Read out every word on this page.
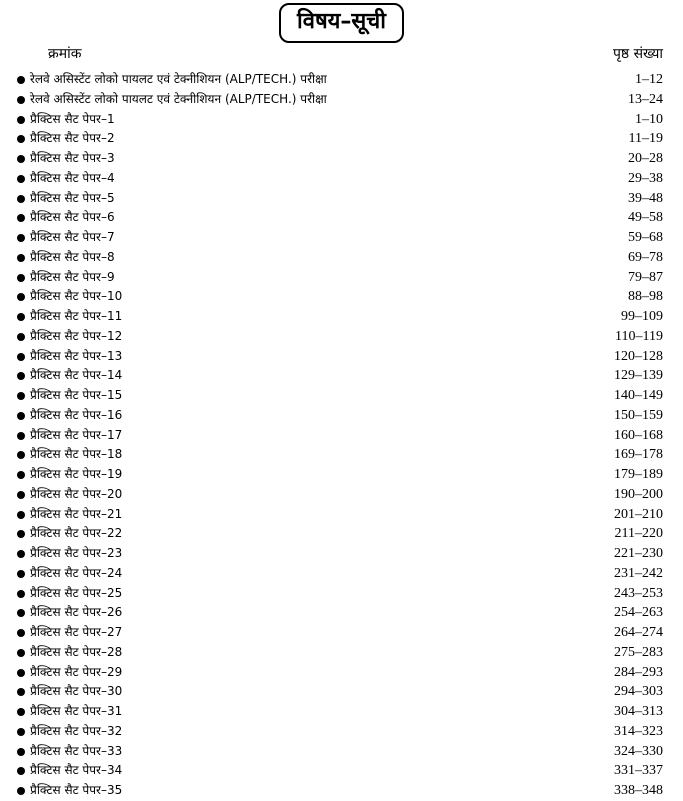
विषय–सूची
क्रमांक	पृष्ठ संख्या
रेलवे असिस्टेंट लोको पायलट एवं टेक्नीशियन (ALP/TECH.) परीक्षा	1–12
रेलवे असिस्टेंट लोको पायलट एवं टेक्नीशियन (ALP/TECH.) परीक्षा	13–24
प्रैक्टिस सैट पेपर–1	1–10
प्रैक्टिस सैट पेपर–2	11–19
प्रैक्टिस सैट पेपर–3	20–28
प्रैक्टिस सैट पेपर–4	29–38
प्रैक्टिस सैट पेपर–5	39–48
प्रैक्टिस सैट पेपर–6	49–58
प्रैक्टिस सैट पेपर–7	59–68
प्रैक्टिस सैट पेपर–8	69–78
प्रैक्टिस सैट पेपर–9	79–87
प्रैक्टिस सैट पेपर–10	88–98
प्रैक्टिस सैट पेपर–11	99–109
प्रैक्टिस सैट पेपर–12	110–119
प्रैक्टिस सैट पेपर–13	120–128
प्रैक्टिस सैट पेपर–14	129–139
प्रैक्टिस सैट पेपर–15	140–149
प्रैक्टिस सैट पेपर–16	150–159
प्रैक्टिस सैट पेपर–17	160–168
प्रैक्टिस सैट पेपर–18	169–178
प्रैक्टिस सैट पेपर–19	179–189
प्रैक्टिस सैट पेपर–20	190–200
प्रैक्टिस सैट पेपर–21	201–210
प्रैक्टिस सैट पेपर–22	211–220
प्रैक्टिस सैट पेपर–23	221–230
प्रैक्टिस सैट पेपर–24	231–242
प्रैक्टिस सैट पेपर–25	243–253
प्रैक्टिस सैट पेपर–26	254–263
प्रैक्टिस सैट पेपर–27	264–274
प्रैक्टिस सैट पेपर–28	275–283
प्रैक्टिस सैट पेपर–29	284–293
प्रैक्टिस सैट पेपर–30	294–303
प्रैक्टिस सैट पेपर–31	304–313
प्रैक्टिस सैट पेपर–32	314–323
प्रैक्टिस सैट पेपर–33	324–330
प्रैक्टिस सैट पेपर–34	331–337
प्रैक्टिस सैट पेपर–35	338–348
